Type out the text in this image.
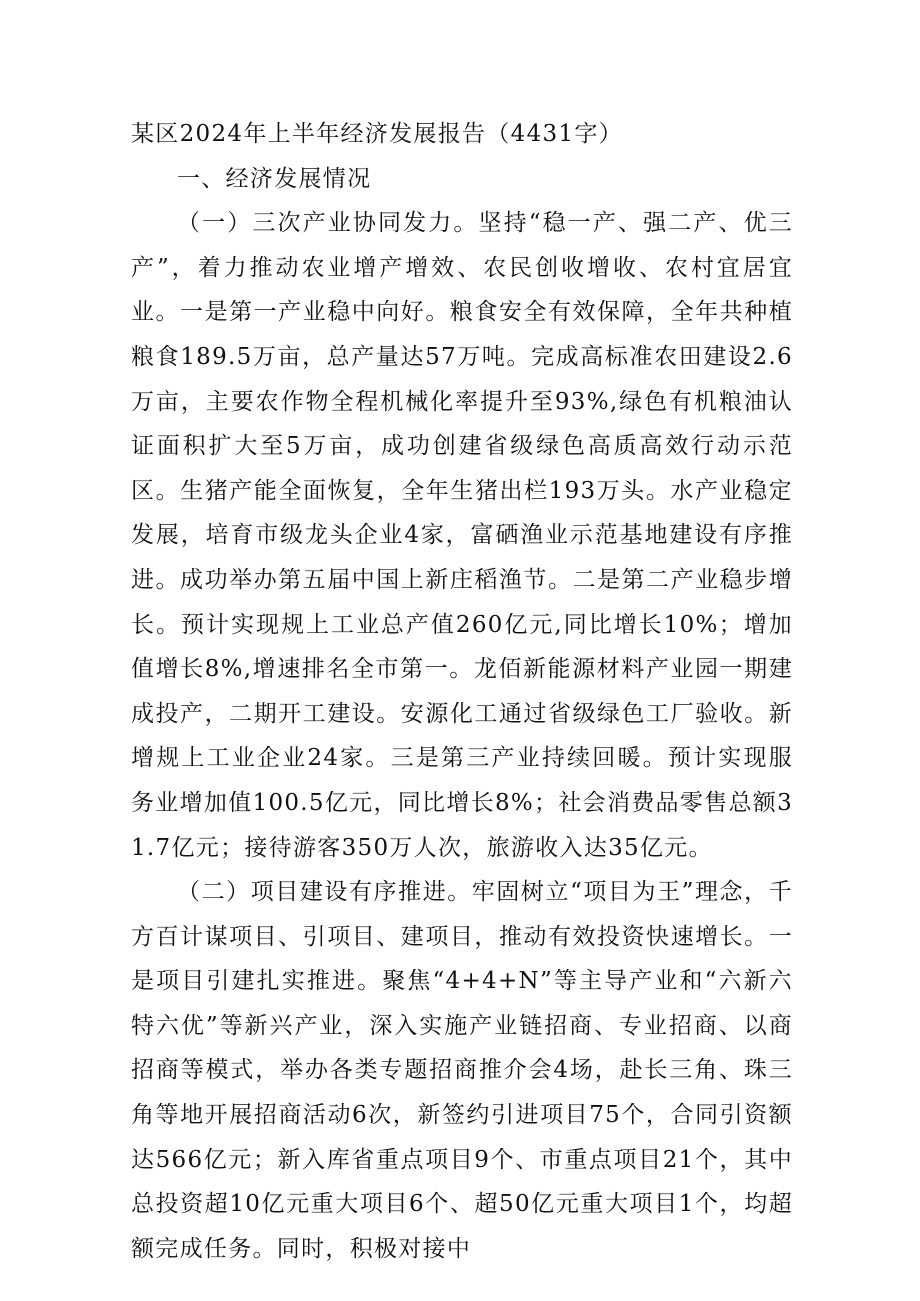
某区2024年上半年经济发展报告（4431字）
一、经济发展情况

（一）三次产业协同发力。坚持“稳一产、强二产、优三产”，着力推动农业增产增效、农民创收增收、农村宜居宜业。一是第一产业稳中向好。粮食安全有效保障，全年共种植粮食189.5万亩，总产量达57万吨。完成高标准农田建设2.6万亩，主要农作物全程机械化率提升至93%,绿色有机粮油认证面积扩大至5万亩，成功创建省级绿色高质高效行动示范区。生猪产能全面恢复，全年生猪出栏193万头。水产业稳定发展，培育市级龙头企业4家，富硒渔业示范基地建设有序推进。成功举办第五届中国上新庄稻渔节。二是第二产业稳步增长。预计实现规上工业总产值260亿元,同比增长10%；增加值增长8%,增速排名全市第一。龙佰新能源材料产业园一期建成投产，二期开工建设。安源化工通过省级绿色工厂验收。新增规上工业企业24家。三是第三产业持续回暖。预计实现服务业增加值100.5亿元，同比增长8%；社会消费品零售总额31.7亿元；接待游客350万人次，旅游收入达35亿元。

（二）项目建设有序推进。牢固树立“项目为王”理念，千方百计谋项目、引项目、建项目，推动有效投资快速增长。一是项目引建扎实推进。聚焦“4+4+N”等主导产业和“六新六特六优”等新兴产业，深入实施产业链招商、专业招商、以商招商等模式，举办各类专题招商推介会4场，赴长三角、珠三角等地开展招商活动6次，新签约引进项目75个，合同引资额达566亿元；新入库省重点项目9个、市重点项目21个，其中总投资超10亿元重大项目6个、超50亿元重大项目1个，均超额完成任务。同时，积极对接中
